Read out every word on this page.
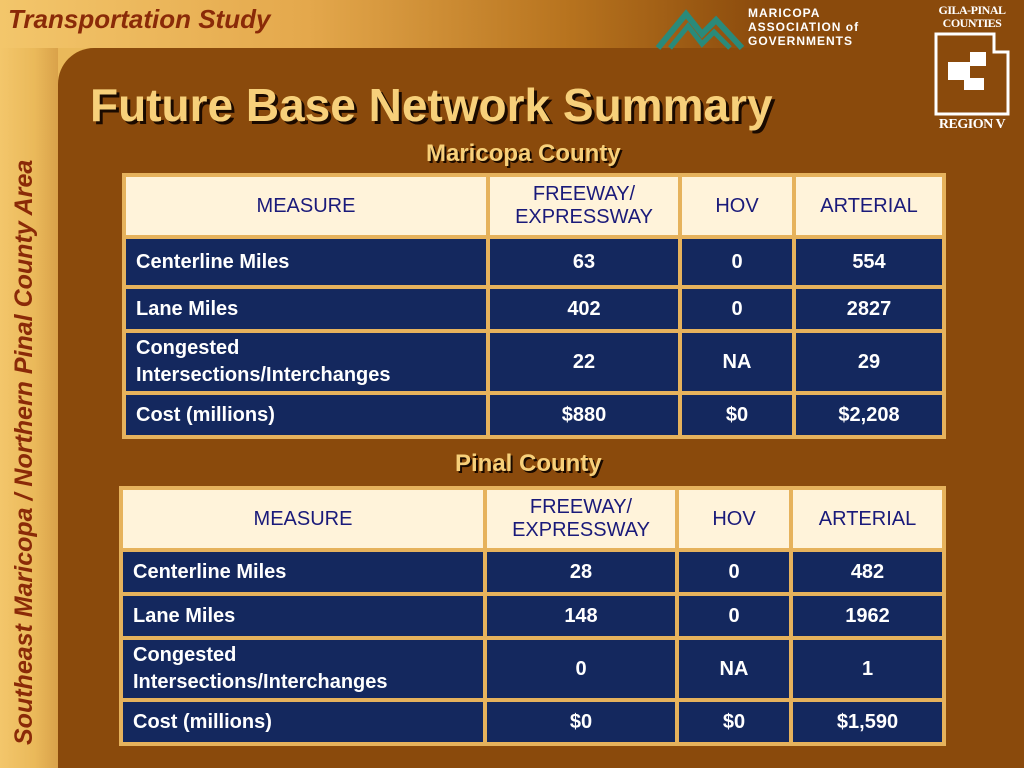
Transportation Study
Southeast Maricopa / Northern Pinal County Area
MARICOPA
ASSOCIATION of
GOVERNMENTS
GILA-PINAL
COUNTIES
REGION V
Future Base Network Summary
Maricopa County
MEASURE	FREEWAY/ EXPRESSWAY	HOV	ARTERIAL
Centerline Miles	63	0	554
Lane Miles	402	0	2827
Congested Intersections/Interchanges	22	NA	29
Cost (millions)	$880	$0	$2,208
Pinal County
MEASURE	FREEWAY/ EXPRESSWAY	HOV	ARTERIAL
Centerline Miles	28	0	482
Lane Miles	148	0	1962
Congested Intersections/Interchanges	0	NA	1
Cost (millions)	$0	$0	$1,590
